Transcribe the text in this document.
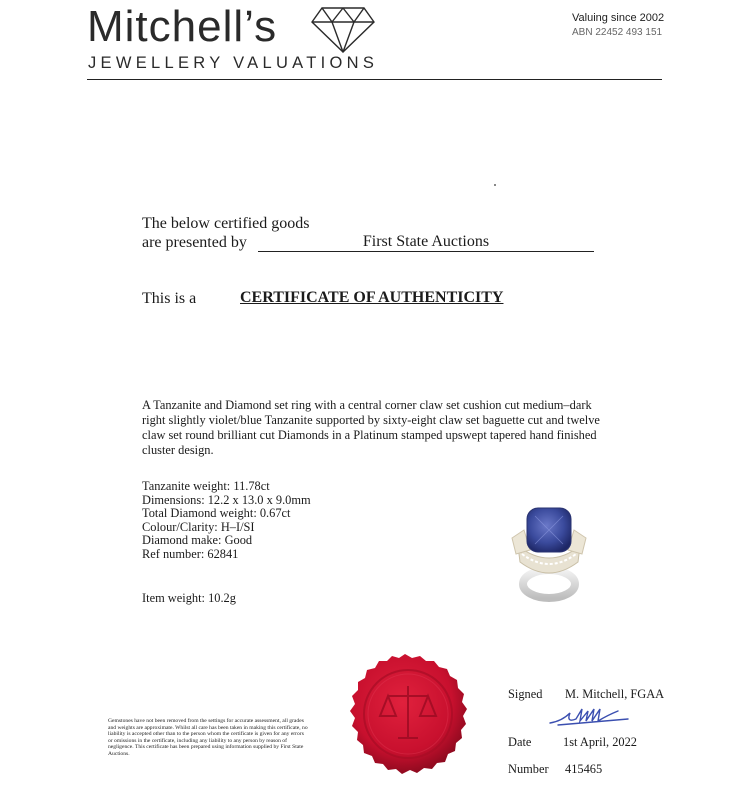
Mitchell’s
JEWELLERY VALUATIONS
Valuing since 2002
ABN 22452 493 151
The below certified goods
are presented by	First State Auctions
This is a	CERTIFICATE OF AUTHENTICITY
A Tanzanite and Diamond set ring with a central corner claw set cushion cut medium–dark right slightly violet/blue Tanzanite supported by sixty-eight claw set baguette cut and twelve claw set round brilliant cut Diamonds in a Platinum stamped upswept tapered hand finished cluster design.
Tanzanite weight: 11.78ct
Dimensions: 12.2 x 13.0 x 9.0mm
Total Diamond weight: 0.67ct
Colour/Clarity: H–I/SI
Diamond make: Good
Ref number: 62841
Item weight: 10.2g
Signed M. Mitchell, FGAA
Date	1st April, 2022
Number 415465
Gemstones have not been removed from the settings for accurate assessment, all grades and weights are approximate. Whilst all care has been taken in making this certificate, no liability is accepted other than to the person whom the certificate is given for any errors or omissions in the certificate, including any liability to any person by reason of negligence. This certificate has been prepared using information supplied by First State Auctions.
